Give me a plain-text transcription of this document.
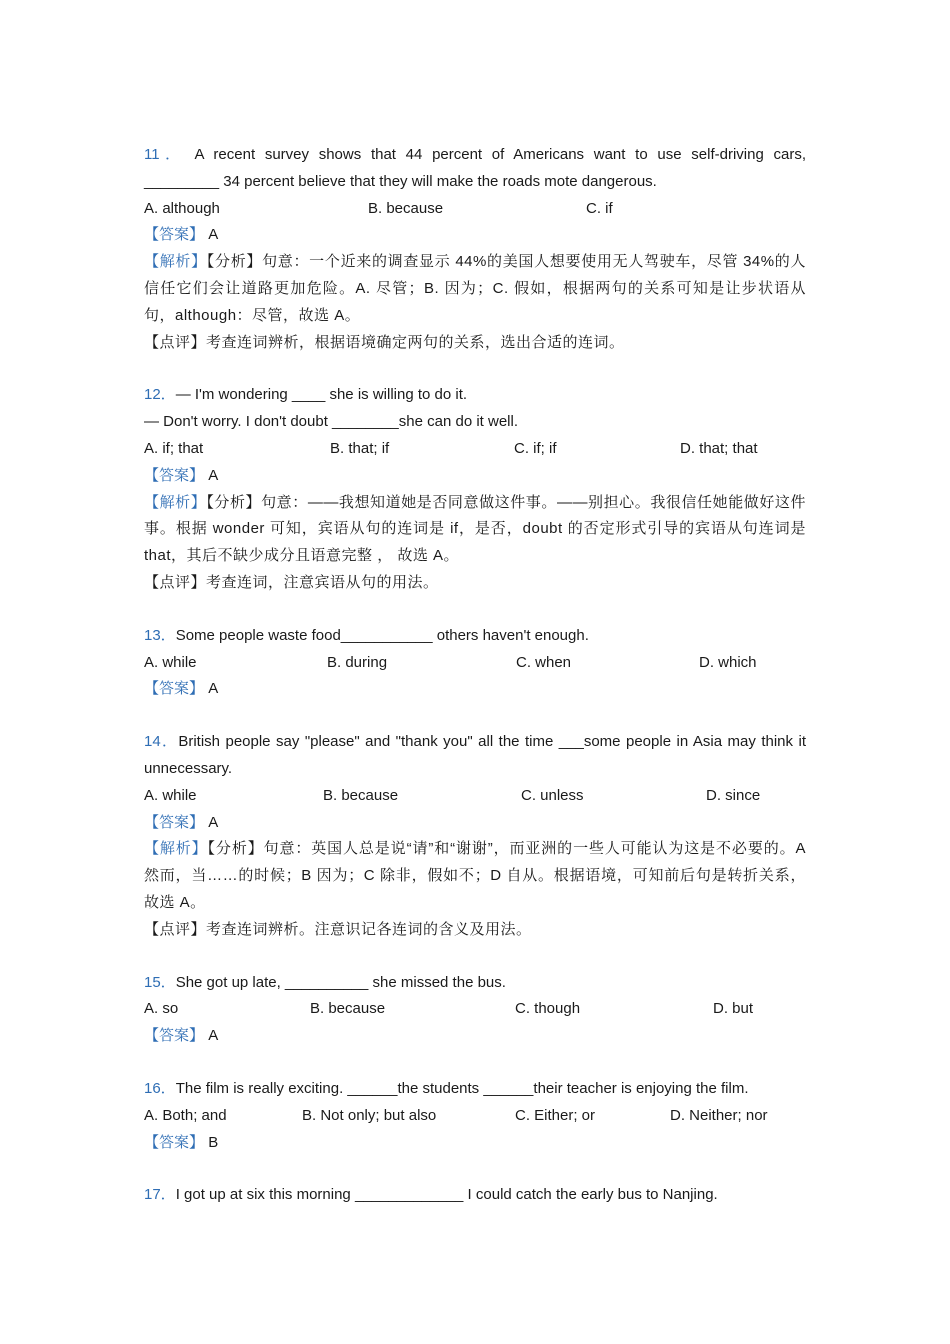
11． A recent survey shows that 44 percent of Americans want to use self-driving cars,
_________ 34 percent believe that they will make the roads mote dangerous.
A. although	B. because	C. if
【答案】 A
【解析】【分析】句意：一个近来的调查显示 44%的美国人想要使用无人驾驶车，尽管 34%的人信任它们会让道路更加危险。A. 尽管；B. 因为；C. 假如，根据两句的关系可知是让步状语从句，although：尽管，故选 A。
【点评】考查连词辨析，根据语境确定两句的关系，选出合适的连词。
12．— I'm wondering ____ she is willing to do it.
— Don't worry. I don't doubt ________she can do it well.
A. if; that	B. that; if	C. if; if	D. that; that
【答案】 A
【解析】【分析】句意：——我想知道她是否同意做这件事。——别担心。我很信任她能做好这件事。根据 wonder 可知，宾语从句的连词是 if，是否，doubt 的否定形式引导的宾语从句连词是 that，其后不缺少成分且语意完整 ， 故选 A。
【点评】考查连词，注意宾语从句的用法。
13．Some people waste food___________ others haven't enough.
A. while	B. during	C. when	D. which
【答案】 A
14．British people say "please" and "thank you" all the time ___some people in Asia may think it
unnecessary.
A. while	B. because	C. unless	D. since
【答案】 A
【解析】【分析】句意：英国人总是说“请”和“谢谢”，而亚洲的一些人可能认为这是不必要的。A 然而，当……的时候；B 因为；C 除非，假如不；D 自从。根据语境，可知前后句是转折关系，故选 A。
【点评】考查连词辨析。注意识记各连词的含义及用法。
15．She got up late, __________ she missed the bus.
A. so	B. because	C. though	D. but
【答案】 A
16．The film is really exciting. ______the students ______their teacher is enjoying the film.
A. Both; and	B. Not only; but also	C. Either; or	D. Neither; nor
【答案】 B
17．I got up at six this morning _____________ I could catch the early bus to Nanjing.
